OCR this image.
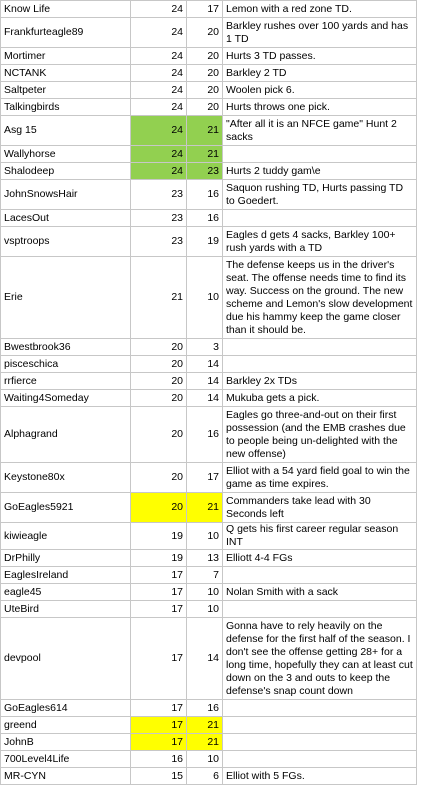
Know Life	24	17	Lemon with a red zone TD.
Frankfurteagle89	24	20	Barkley rushes over 100 yards and has 1 TD
Mortimer	24	20	Hurts 3 TD passes.
NCTANK	24	20	Barkley 2 TD
Saltpeter	24	20	Woolen pick 6.
Talkingbirds	24	20	Hurts throws one pick.
Asg 15	24	21	"After all it is an NFCE game" Hunt 2 sacks
Wallyhorse	24	21	
Shalodeep	24	23	Hurts 2 tuddy gam\e
JohnSnowsHair	23	16	Saquon rushing TD, Hurts passing TD to Goedert.
LacesOut	23	16	
vsptroops	23	19	Eagles d gets 4 sacks, Barkley 100+ rush yards with a TD
Erie	21	10	The defense keeps us in the driver's seat. The offense needs time to find its way. Success on the ground. The new scheme and Lemon's slow development due his hammy keep the game closer than it should be.
Bwestbrook36	20	3	
pisceschica	20	14	
rrfierce	20	14	Barkley 2x TDs
Waiting4Someday	20	14	Mukuba gets a pick.
Alphagrand	20	16	Eagles go three-and-out on their first possession (and the EMB crashes due to people being un-delighted with the new offense)
Keystone80x	20	17	Elliot with a 54 yard field goal to win the game as time expires.
GoEagles5921	20	21	Commanders take lead with 30 Seconds left
kiwieagle	19	10	Q gets his first career regular season INT
DrPhilly	19	13	Elliott 4-4 FGs
EaglesIreland	17	7	
eagle45	17	10	Nolan Smith with a sack
UteBird	17	10	
devpool	17	14	Gonna have to rely heavily on the defense for the first half of the season. I don't see the offense getting 28+ for a long time, hopefully they can at least cut down on the 3 and outs to keep the defense's snap count down
GoEagles614	17	16	
greend	17	21	
JohnB	17	21	
700Level4Life	16	10	
MR-CYN	15	6	Elliot with 5 FGs.
